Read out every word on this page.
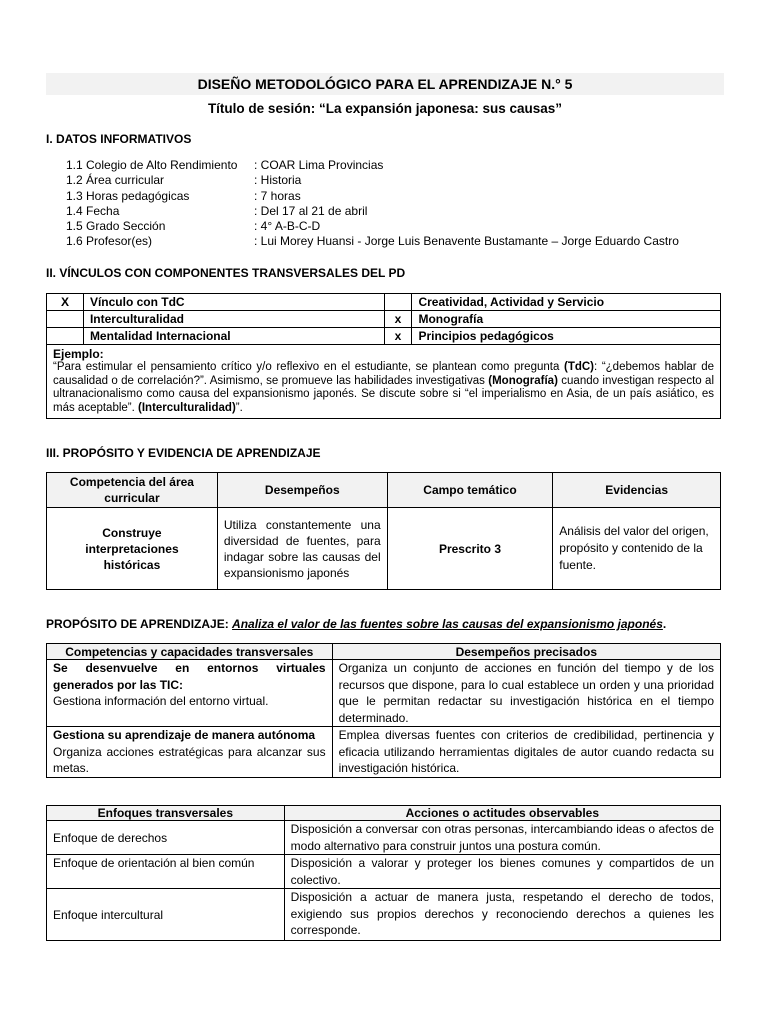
DISEÑO METODOLÓGICO PARA EL APRENDIZAJE N.° 5
Título de sesión: “La expansión japonesa: sus causas”
I. DATOS INFORMATIVOS
1.1 Colegio de Alto Rendimiento	: COAR Lima Provincias
1.2 Área curricular	: Historia
1.3 Horas pedagógicas	: 7 horas
1.4 Fecha	: Del 17 al 21 de abril
1.5 Grado Sección	: 4° A-B-C-D
1.6 Profesor(es)	: Lui Morey Huansi - Jorge Luis Benavente Bustamante – Jorge Eduardo Castro
II. VÍNCULOS CON COMPONENTES TRANSVERSALES DEL PD
X	Vínculo con TdC		Creatividad, Actividad y Servicio
	Interculturalidad	x	Monografía
	Mentalidad Internacional	x	Principios pedagógicos

Ejemplo:
“Para estimular el pensamiento crítico y/o reflexivo en el estudiante, se plantean como pregunta (TdC): “¿debemos hablar de causalidad o de correlación?”. Asimismo, se promueve las habilidades investigativas (Monografía) cuando investigan respecto al ultranacionalismo como causa del expansionismo japonés. Se discute sobre si “el imperialismo en Asia, de un país asiático, es más aceptable”. (Interculturalidad)”.			
III. PROPÓSITO Y EVIDENCIA DE APRENDIZAJE
Competencia del área curricular	Desempeños	Campo temático	Evidencias
Construye interpretaciones históricas	Utiliza constantemente una diversidad de fuentes, para indagar sobre las causas del expansionismo japonés	Prescrito 3	Análisis del valor del origen, propósito y contenido de la fuente.
PROPÓSITO DE APRENDIZAJE: Analiza el valor de las fuentes sobre las causas del expansionismo japonés.
Competencias y capacidades transversales	Desempeños precisados

Se desenvuelve en entornos virtuales generados por las TIC:
Gestiona información del entorno virtual.	Organiza un conjunto de acciones en función del tiempo y de los recursos que dispone, para lo cual establece un orden y una prioridad que le permitan redactar su investigación histórica en el tiempo determinado.

Gestiona su aprendizaje de manera autónoma
Organiza acciones estratégicas para alcanzar sus metas.	Emplea diversas fuentes con criterios de credibilidad, pertinencia y eficacia utilizando herramientas digitales de autor cuando redacta su investigación histórica.
Enfoques transversales	Acciones o actitudes observables
Enfoque de derechos	Disposición a conversar con otras personas, intercambiando ideas o afectos de modo alternativo para construir juntos una postura común.
Enfoque de orientación al bien común	Disposición a valorar y proteger los bienes comunes y compartidos de un colectivo.
Enfoque intercultural	Disposición a actuar de manera justa, respetando el derecho de todos, exigiendo sus propios derechos y reconociendo derechos a quienes les corresponde.
